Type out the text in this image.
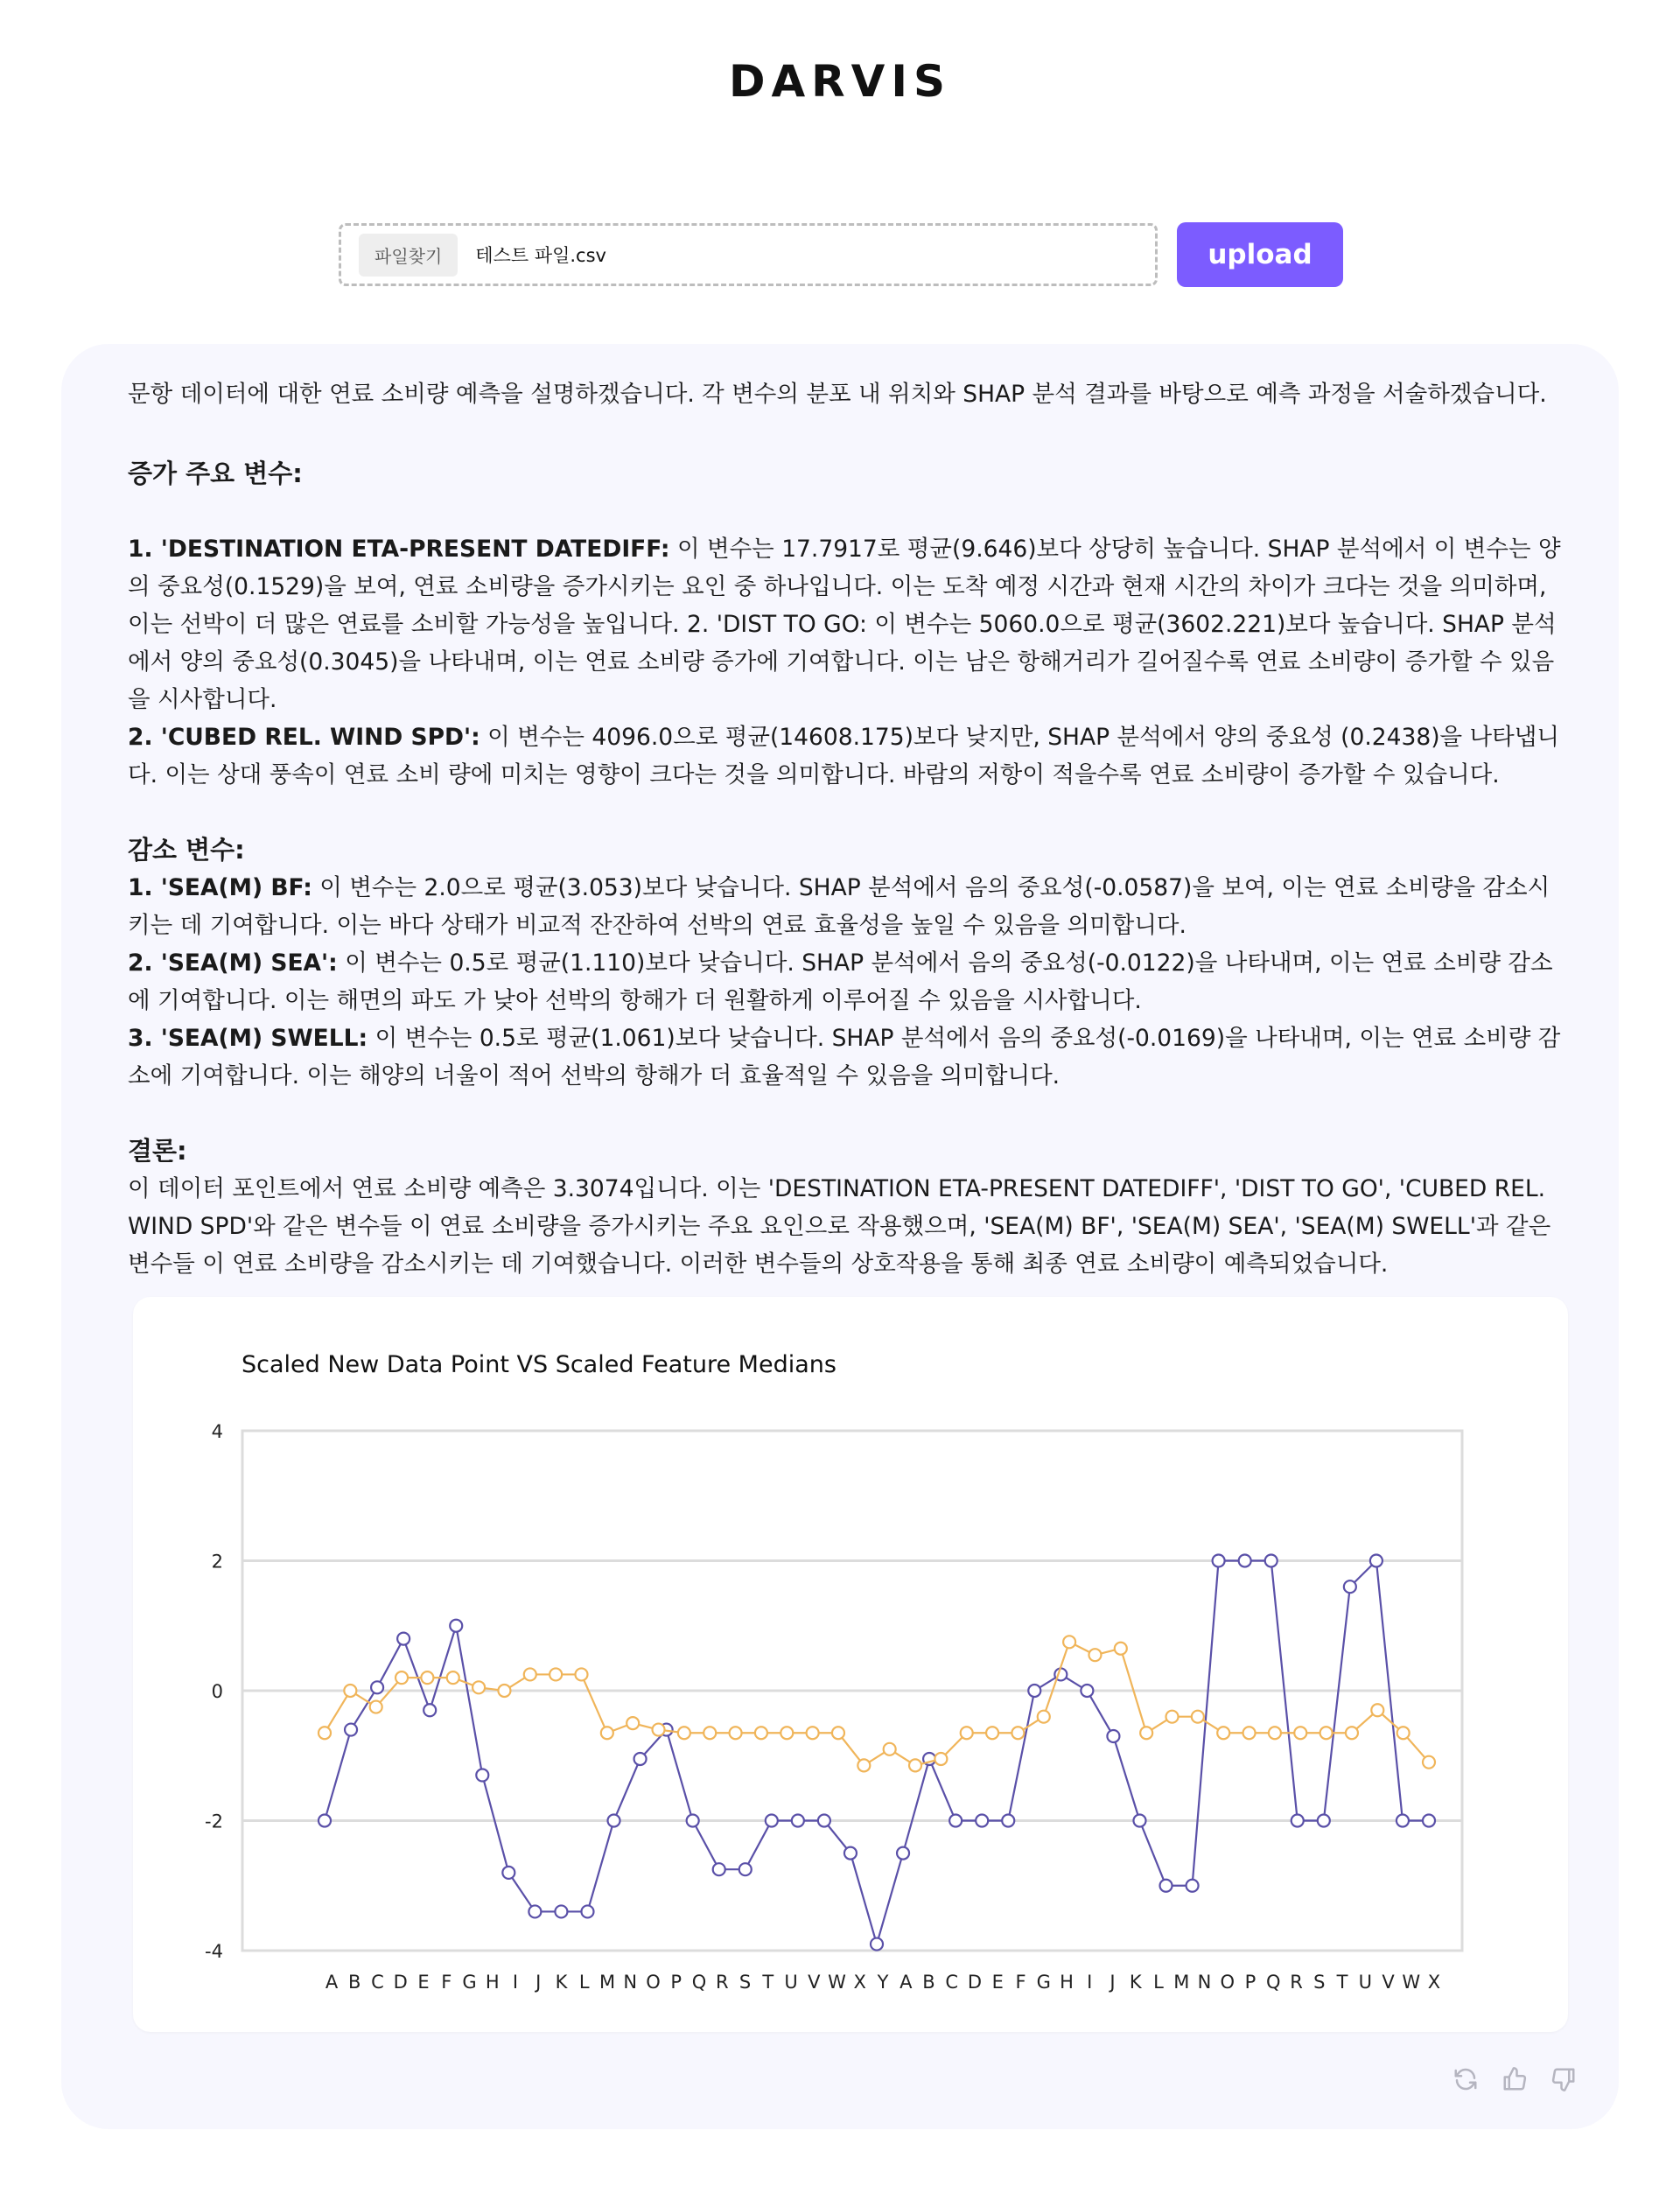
DARVIS
파일찾기	테스트 파일.csv	upload

문항 데이터에 대한 연료 소비량 예측을 설명하겠습니다. 각 변수의 분포 내 위치와 SHAP 분석 결과를 바탕으로 예측 과정을 서술하겠습니다.

증가 주요 변수:

1. 'DESTINATION ETA-PRESENT DATEDIFF: 이 변수는 17.7917로 평균(9.646)보다 상당히 높습니다. SHAP 분석에서 이 변수는 양의 중요성(0.1529)을 보여, 연료 소비량을 증가시키는 요인 중 하나입니다. 이는 도착 예정 시간과 현재 시간의 차이가 크다는 것을 의미하며, 이는 선박이 더 많은 연료를 소비할 가능성을 높입니다. 2. 'DIST TO GO: 이 변수는 5060.0으로 평균(3602.221)보다 높습니다. SHAP 분석에서 양의 중요성(0.3045)을 나타내며, 이는 연료 소비량 증가에 기여합니다. 이는 남은 항해거리가 길어질수록 연료 소비량이 증가할 수 있음을 시사합니다.

2. 'CUBED REL. WIND SPD': 이 변수는 4096.0으로 평균(14608.175)보다 낮지만, SHAP 분석에서 양의 중요성 (0.2438)을 나타냅니다. 이는 상대 풍속이 연료 소비 량에 미치는 영향이 크다는 것을 의미합니다. 바람의 저항이 적을수록 연료 소비량이 증가할 수 있습니다.

감소 변수:

1. 'SEA(M) BF: 이 변수는 2.0으로 평균(3.053)보다 낮습니다. SHAP 분석에서 음의 중요성(-0.0587)을 보여, 이는 연료 소비량을 감소시키는 데 기여합니다. 이는 바다 상태가 비교적 잔잔하여 선박의 연료 효율성을 높일 수 있음을 의미합니다.

2. 'SEA(M) SEA': 이 변수는 0.5로 평균(1.110)보다 낮습니다. SHAP 분석에서 음의 중요성(-0.0122)을 나타내며, 이는 연료 소비량 감소에 기여합니다. 이는 해면의 파도 가 낮아 선박의 항해가 더 원활하게 이루어질 수 있음을 시사합니다.

3. 'SEA(M) SWELL: 이 변수는 0.5로 평균(1.061)보다 낮습니다. SHAP 분석에서 음의 중요성(-0.0169)을 나타내며, 이는 연료 소비량 감소에 기여합니다. 이는 해양의 너울이 적어 선박의 항해가 더 효율적일 수 있음을 의미합니다.

결론:

이 데이터 포인트에서 연료 소비량 예측은 3.3074입니다. 이는 'DESTINATION ETA-PRESENT DATEDIFF', 'DIST TO GO', 'CUBED REL. WIND SPD'와 같은 변수들 이 연료 소비량을 증가시키는 주요 요인으로 작용했으며, 'SEA(M) BF', 'SEA(M) SEA', 'SEA(M) SWELL'과 같은 변수들 이 연료 소비량을 감소시키는 데 기여했습니다. 이러한 변수들의 상호작용을 통해 최종 연료 소비량이 예측되었습니다.

Scaled New Data Point VS Scaled Feature Medians
4
2
0
-2
-4
A B C D E F G H I J K L M N O P Q R S T U V W X Y A B C D E F G H I J K L M N O P Q R S T U V W X
